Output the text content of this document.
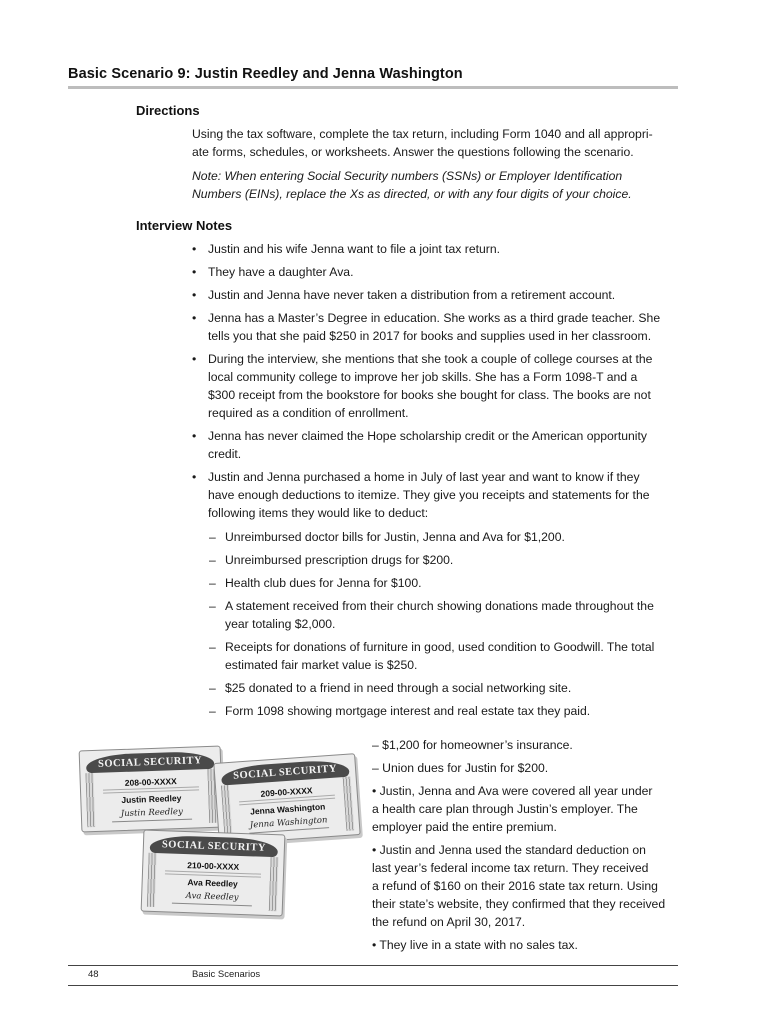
Basic Scenario 9: Justin Reedley and Jenna Washington
Directions
Using the tax software, complete the tax return, including Form 1040 and all appropri-
ate forms, schedules, or worksheets. Answer the questions following the scenario.
Note: When entering Social Security numbers (SSNs) or Employer Identification
Numbers (EINs), replace the Xs as directed, or with any four digits of your choice.
Interview Notes
• Justin and his wife Jenna want to file a joint tax return.
• They have a daughter Ava.
• Justin and Jenna have never taken a distribution from a retirement account.
• Jenna has a Master’s Degree in education. She works as a third grade teacher. She
tells you that she paid $250 in 2017 for books and supplies used in her classroom.
• During the interview, she mentions that she took a couple of college courses at the
local community college to improve her job skills. She has a Form 1098-T and a
$300 receipt from the bookstore for books she bought for class. The books are not
required as a condition of enrollment.
• Jenna has never claimed the Hope scholarship credit or the American opportunity
credit.
• Justin and Jenna purchased a home in July of last year and want to know if they
have enough deductions to itemize. They give you receipts and statements for the
following items they would like to deduct:
– Unreimbursed doctor bills for Justin, Jenna and Ava for $1,200.
– Unreimbursed prescription drugs for $200.
– Health club dues for Jenna for $100.
– A statement received from their church showing donations made throughout the
year totaling $2,000.
– Receipts for donations of furniture in good, used condition to Goodwill. The total
estimated fair market value is $250.
– $25 donated to a friend in need through a social networking site.
– Form 1098 showing mortgage interest and real estate tax they paid.
– $1,200 for homeowner’s insurance.
– Union dues for Justin for $200.
• Justin, Jenna and Ava were covered all year under
a health care plan through Justin’s employer. The
employer paid the entire premium.
• Justin and Jenna used the standard deduction on
last year’s federal income tax return. They received
a refund of $160 on their 2016 state tax return. Using
their state’s website, they confirmed that they received
the refund on April 30, 2017.
• They live in a state with no sales tax.
SOCIAL SECURITY
208-00-XXXX
Justin Reedley
Justin Reedley
SOCIAL SECURITY
209-00-XXXX
Jenna Washington
Jenna Washington
SOCIAL SECURITY
210-00-XXXX
Ava Reedley
Ava Reedley
48	Basic Scenarios
